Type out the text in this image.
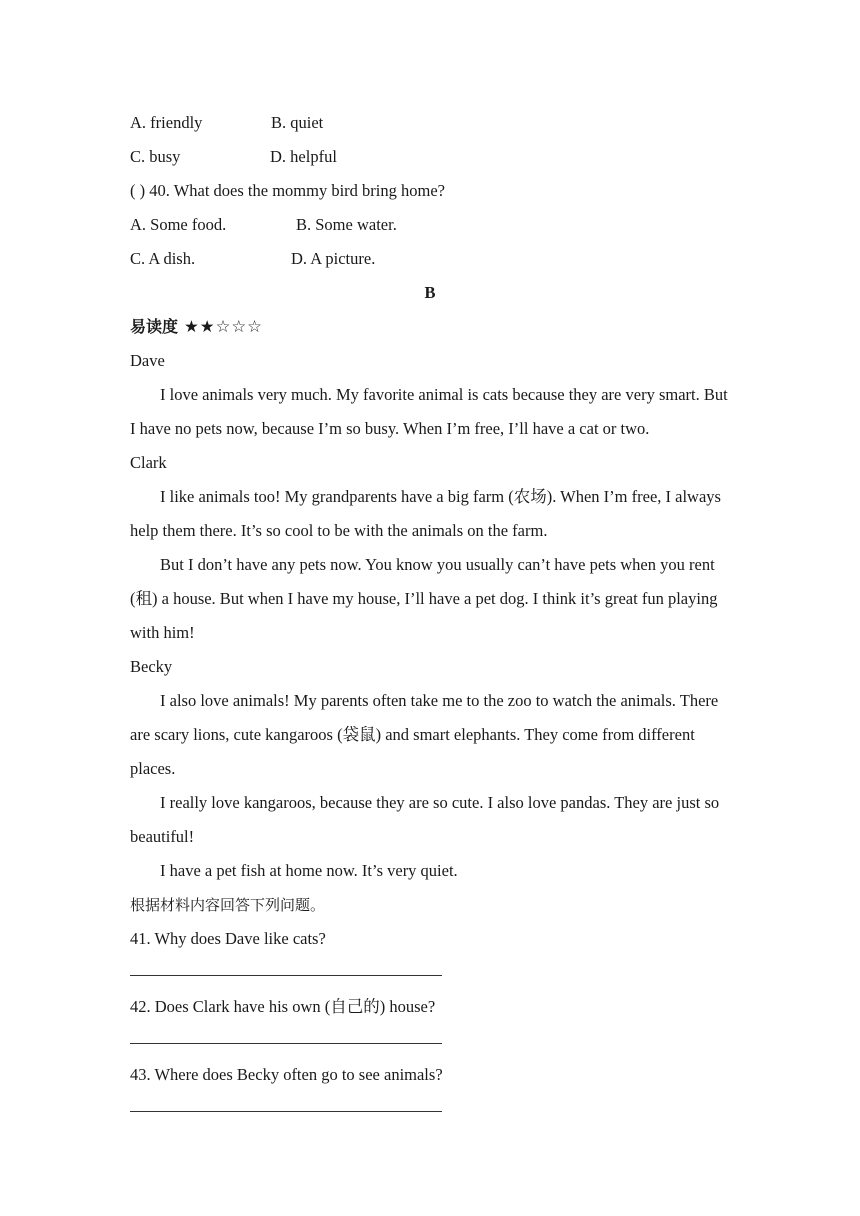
A. friendly	B. quiet
C. busy	D. helpful
( ) 40. What does the mommy bird bring home?
A. Some food.	B. Some water.
C. A dish.	D. A picture.
B
易读度 ★★☆☆☆
Dave
I love animals very much. My favorite animal is cats because they are very smart. But I have no pets now, because I’m so busy. When I’m free, I’ll have a cat or two.
Clark
I like animals too! My grandparents have a big farm (农场). When I’m free, I always help them there. It’s so cool to be with the animals on the farm.
But I don’t have any pets now. You know you usually can’t have pets when you rent (租) a house. But when I have my house, I’ll have a pet dog. I think it’s great fun playing with him!
Becky
I also love animals! My parents often take me to the zoo to watch the animals. There are scary lions, cute kangaroos (袋鼠) and smart elephants. They come from different places.
I really love kangaroos, because they are so cute. I also love pandas. They are just so beautiful!
I have a pet fish at home now. It’s very quiet.
根据材料内容回答下列问题。
41. Why does Dave like cats?
42. Does Clark have his own (自己的) house?
43. Where does Becky often go to see animals?
